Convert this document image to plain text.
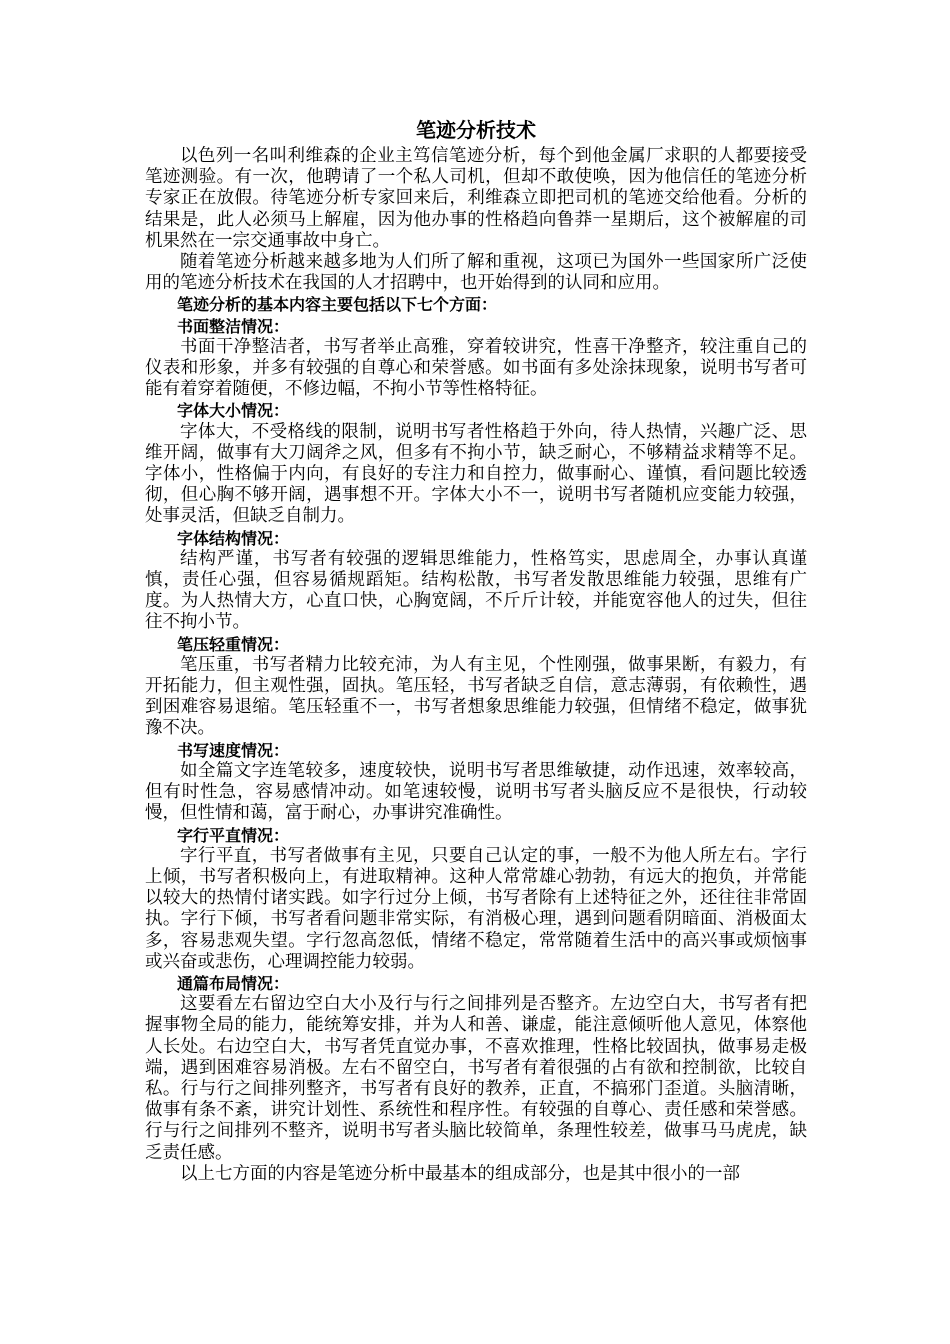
笔迹分析技术

以色列一名叫利维森的企业主笃信笔迹分析，每个到他金属厂求职的人都要接受笔迹测验。有一次，他聘请了一个私人司机，但却不敢使唤，因为他信任的笔迹分析专家正在放假。待笔迹分析专家回来后，利维森立即把司机的笔迹交给他看。分析的结果是，此人必须马上解雇，因为他办事的性格趋向鲁莽一星期后，这个被解雇的司机果然在一宗交通事故中身亡。

随着笔迹分析越来越多地为人们所了解和重视，这项已为国外一些国家所广泛使用的笔迹分析技术在我国的人才招聘中，也开始得到的认同和应用。

笔迹分析的基本内容主要包括以下七个方面：

书面整洁情况：

书面干净整洁者，书写者举止高雅，穿着较讲究，性喜干净整齐，较注重自己的仪表和形象，并多有较强的自尊心和荣誉感。如书面有多处涂抹现象，说明书写者可能有着穿着随便，不修边幅，不拘小节等性格特征。

字体大小情况：

字体大，不受格线的限制，说明书写者性格趋于外向，待人热情，兴趣广泛、思维开阔，做事有大刀阔斧之风，但多有不拘小节，缺乏耐心，不够精益求精等不足。字体小，性格偏于内向，有良好的专注力和自控力，做事耐心、谨慎，看问题比较透彻，但心胸不够开阔，遇事想不开。字体大小不一，说明书写者随机应变能力较强，处事灵活，但缺乏自制力。

字体结构情况：

结构严谨，书写者有较强的逻辑思维能力，性格笃实，思虑周全，办事认真谨慎，责任心强，但容易循规蹈矩。结构松散，书写者发散思维能力较强，思维有广度。为人热情大方，心直口快，心胸宽阔，不斤斤计较，并能宽容他人的过失，但往往不拘小节。

笔压轻重情况：

笔压重，书写者精力比较充沛，为人有主见，个性刚强，做事果断，有毅力，有开拓能力，但主观性强，固执。笔压轻，书写者缺乏自信，意志薄弱，有依赖性，遇到困难容易退缩。笔压轻重不一，书写者想象思维能力较强，但情绪不稳定，做事犹豫不决。

书写速度情况：

如全篇文字连笔较多，速度较快，说明书写者思维敏捷，动作迅速，效率较高，但有时性急，容易感情冲动。如笔速较慢，说明书写者头脑反应不是很快，行动较慢，但性情和蔼，富于耐心，办事讲究准确性。

字行平直情况：

字行平直，书写者做事有主见，只要自己认定的事，一般不为他人所左右。字行上倾，书写者积极向上，有进取精神。这种人常常雄心勃勃，有远大的抱负，并常能以较大的热情付诸实践。如字行过分上倾，书写者除有上述特征之外，还往往非常固执。字行下倾，书写者看问题非常实际，有消极心理，遇到问题看阴暗面、消极面太多，容易悲观失望。字行忽高忽低，情绪不稳定，常常随着生活中的高兴事或烦恼事或兴奋或悲伤，心理调控能力较弱。

通篇布局情况：

这要看左右留边空白大小及行与行之间排列是否整齐。左边空白大，书写者有把握事物全局的能力，能统筹安排，并为人和善、谦虚，能注意倾听他人意见，体察他人长处。右边空白大，书写者凭直觉办事，不喜欢推理，性格比较固执，做事易走极端，遇到困难容易消极。左右不留空白，书写者有着很强的占有欲和控制欲，比较自私。行与行之间排列整齐，书写者有良好的教养，正直，不搞邪门歪道。头脑清晰，做事有条不紊，讲究计划性、系统性和程序性。有较强的自尊心、责任感和荣誉感。行与行之间排列不整齐，说明书写者头脑比较简单，条理性较差，做事马马虎虎，缺乏责任感。

以上七方面的内容是笔迹分析中最基本的组成部分，也是其中很小的一部
